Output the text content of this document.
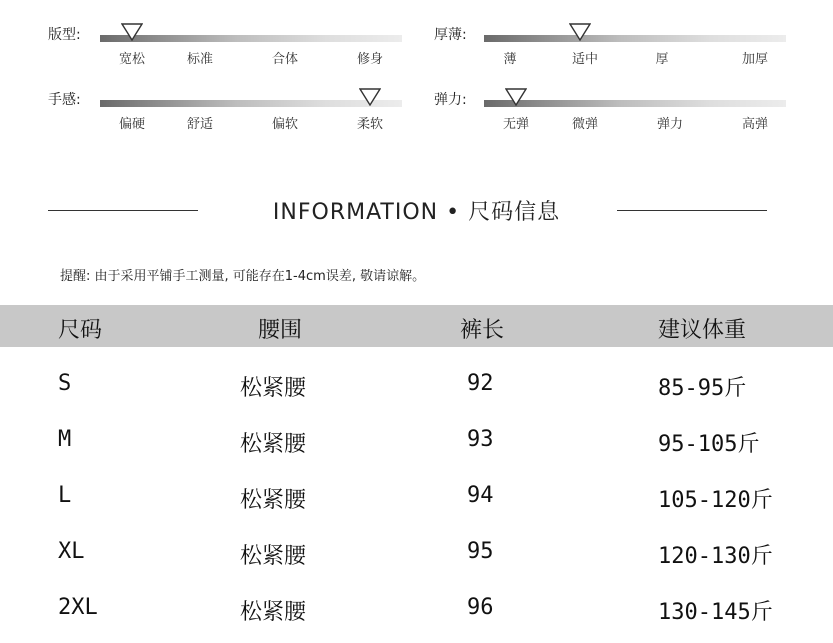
版型:
宽松	标准	合体	修身
厚薄:
薄	适中	厚	加厚
手感:
偏硬	舒适	偏软	柔软
弹力:
无弹	微弹	弹力	高弹
INFORMATION • 尺码信息
提醒: 由于采用平铺手工测量, 可能存在1-4cm误差, 敬请谅解。
尺码	腰围	裤长	建议体重
S	松紧腰	92	85-95斤
M	松紧腰	93	95-105斤
L	松紧腰	94	105-120斤
XL	松紧腰	95	120-130斤
2XL	松紧腰	96	130-145斤
